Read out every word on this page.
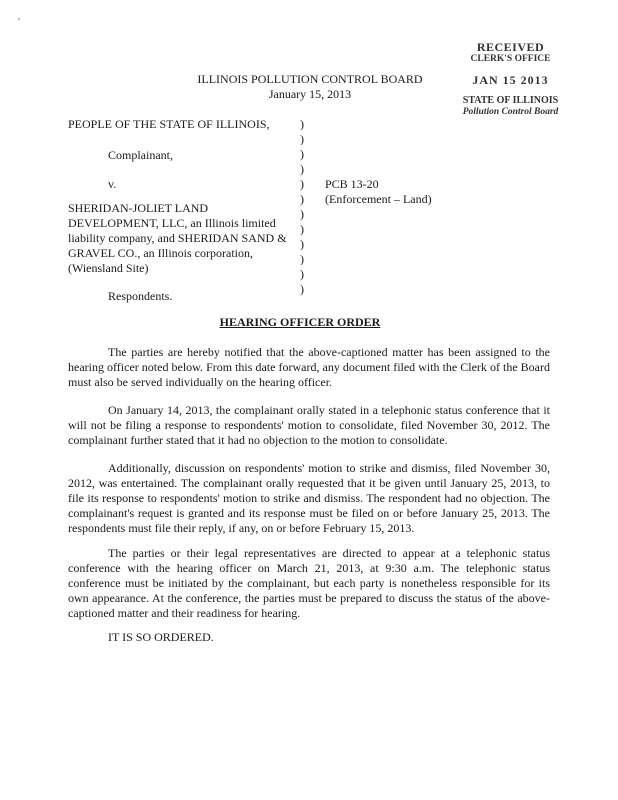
RECEIVED
CLERK'S OFFICE
JAN 15 2013
STATE OF ILLINOIS
Pollution Control Board
ILLINOIS POLLUTION CONTROL BOARD
January 15, 2013
PEOPLE OF THE STATE OF ILLINOIS,
Complainant,
v.
SHERIDAN-JOLIET LAND
DEVELOPMENT, LLC, an Illinois limited
liability company, and SHERIDAN SAND &
GRAVEL CO., an Illinois corporation,
(Wiensland Site)
Respondents.
)
)
)
)
)
)
)
)
)
)
)
)
PCB 13-20
(Enforcement – Land)
HEARING OFFICER ORDER
The parties are hereby notified that the above-captioned matter has been assigned to the hearing officer noted below. From this date forward, any document filed with the Clerk of the Board must also be served individually on the hearing officer.
On January 14, 2013, the complainant orally stated in a telephonic status conference that it will not be filing a response to respondents' motion to consolidate, filed November 30, 2012. The complainant further stated that it had no objection to the motion to consolidate.
Additionally, discussion on respondents' motion to strike and dismiss, filed November 30, 2012, was entertained. The complainant orally requested that it be given until January 25, 2013, to file its response to respondents' motion to strike and dismiss. The respondent had no objection. The complainant's request is granted and its response must be filed on or before January 25, 2013. The respondents must file their reply, if any, on or before February 15, 2013.
The parties or their legal representatives are directed to appear at a telephonic status conference with the hearing officer on March 21, 2013, at 9:30 a.m. The telephonic status conference must be initiated by the complainant, but each party is nonetheless responsible for its own appearance. At the conference, the parties must be prepared to discuss the status of the above-captioned matter and their readiness for hearing.
IT IS SO ORDERED.
